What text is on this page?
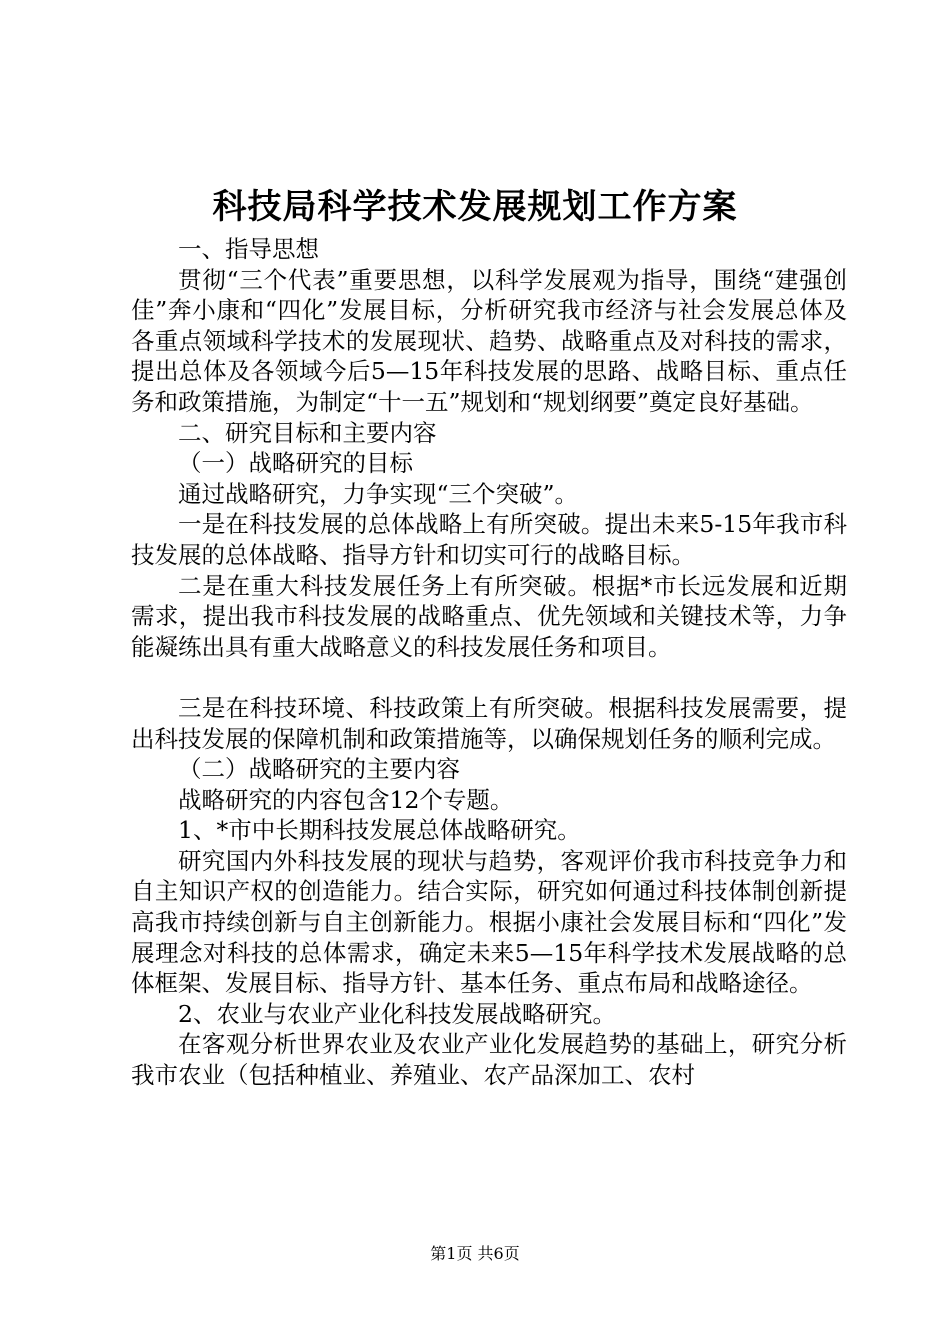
科技局科学技术发展规划工作方案

一、指导思想

贯彻“三个代表”重要思想，以科学发展观为指导，围绕“建强创佳”奔小康和“四化”发展目标，分析研究我市经济与社会发展总体及各重点领域科学技术的发展现状、趋势、战略重点及对科技的需求，提出总体及各领域今后5—15年科技发展的思路、战略目标、重点任务和政策措施，为制定“十一五”规划和“规划纲要”奠定良好基础。

二、研究目标和主要内容

（一）战略研究的目标

通过战略研究，力争实现“三个突破”。

一是在科技发展的总体战略上有所突破。提出未来5-15年我市科技发展的总体战略、指导方针和切实可行的战略目标。

二是在重大科技发展任务上有所突破。根据*市长远发展和近期需求，提出我市科技发展的战略重点、优先领域和关键技术等，力争能凝练出具有重大战略意义的科技发展任务和项目。

三是在科技环境、科技政策上有所突破。根据科技发展需要，提出科技发展的保障机制和政策措施等，以确保规划任务的顺利完成。

（二）战略研究的主要内容

战略研究的内容包含12个专题。

1、*市中长期科技发展总体战略研究。

研究国内外科技发展的现状与趋势，客观评价我市科技竞争力和自主知识产权的创造能力。结合实际，研究如何通过科技体制创新提高我市持续创新与自主创新能力。根据小康社会发展目标和“四化”发展理念对科技的总体需求，确定未来5—15年科学技术发展战略的总体框架、发展目标、指导方针、基本任务、重点布局和战略途径。

2、农业与农业产业化科技发展战略研究。

在客观分析世界农业及农业产业化发展趋势的基础上，研究分析我市农业（包括种植业、养殖业、农产品深加工、农村

第1页 共6页
